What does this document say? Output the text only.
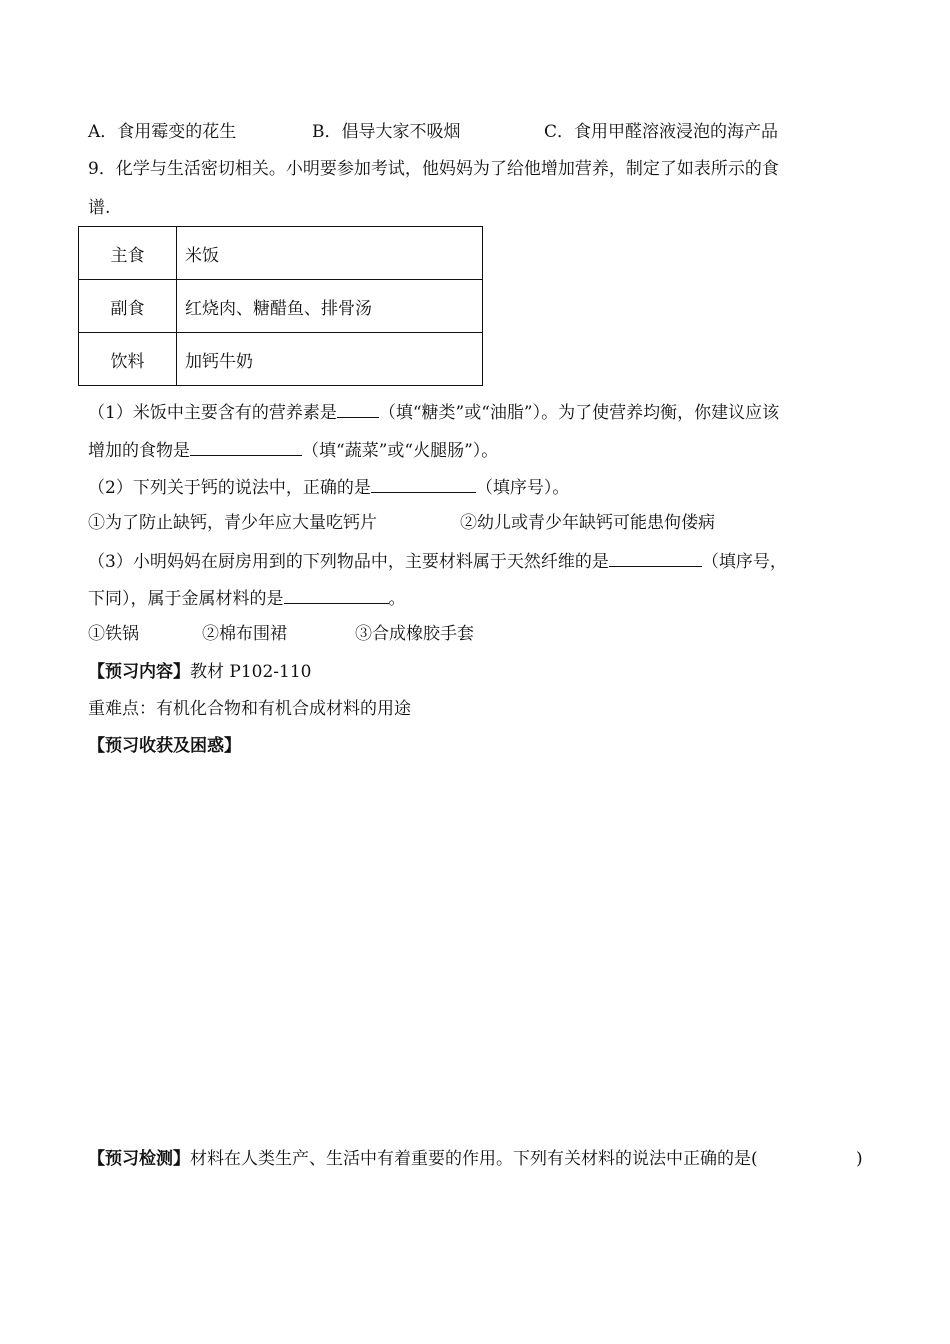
A．食用霉变的花生	B．倡导大家不吸烟	C．食用甲醛溶液浸泡的海产品
9．化学与生活密切相关。小明要参加考试，他妈妈为了给他增加营养，制定了如表所示的食
谱.
主食	米饭
副食	红烧肉、糖醋鱼、排骨汤
饮料	加钙牛奶
（1）米饭中主要含有的营养素是 （填“糖类”或“油脂”）。为了使营养均衡，你建议应该
增加的食物是	（填“蔬菜”或“火腿肠”）。
（2）下列关于钙的说法中，正确的是	（填序号）。
①为了防止缺钙，青少年应大量吃钙片	②幼儿或青少年缺钙可能患佝偻病
（3）小明妈妈在厨房用到的下列物品中，主要材料属于天然纤维的是	（填序号，
下同），属于金属材料的是	。
①铁锅	②棉布围裙	③合成橡胶手套
【预习内容】教材 P102-110
重难点：有机化合物和有机合成材料的用途
【预习收获及困惑】
【预习检测】材料在人类生产、生活中有着重要的作用。下列有关材料的说法中正确的是(	)
